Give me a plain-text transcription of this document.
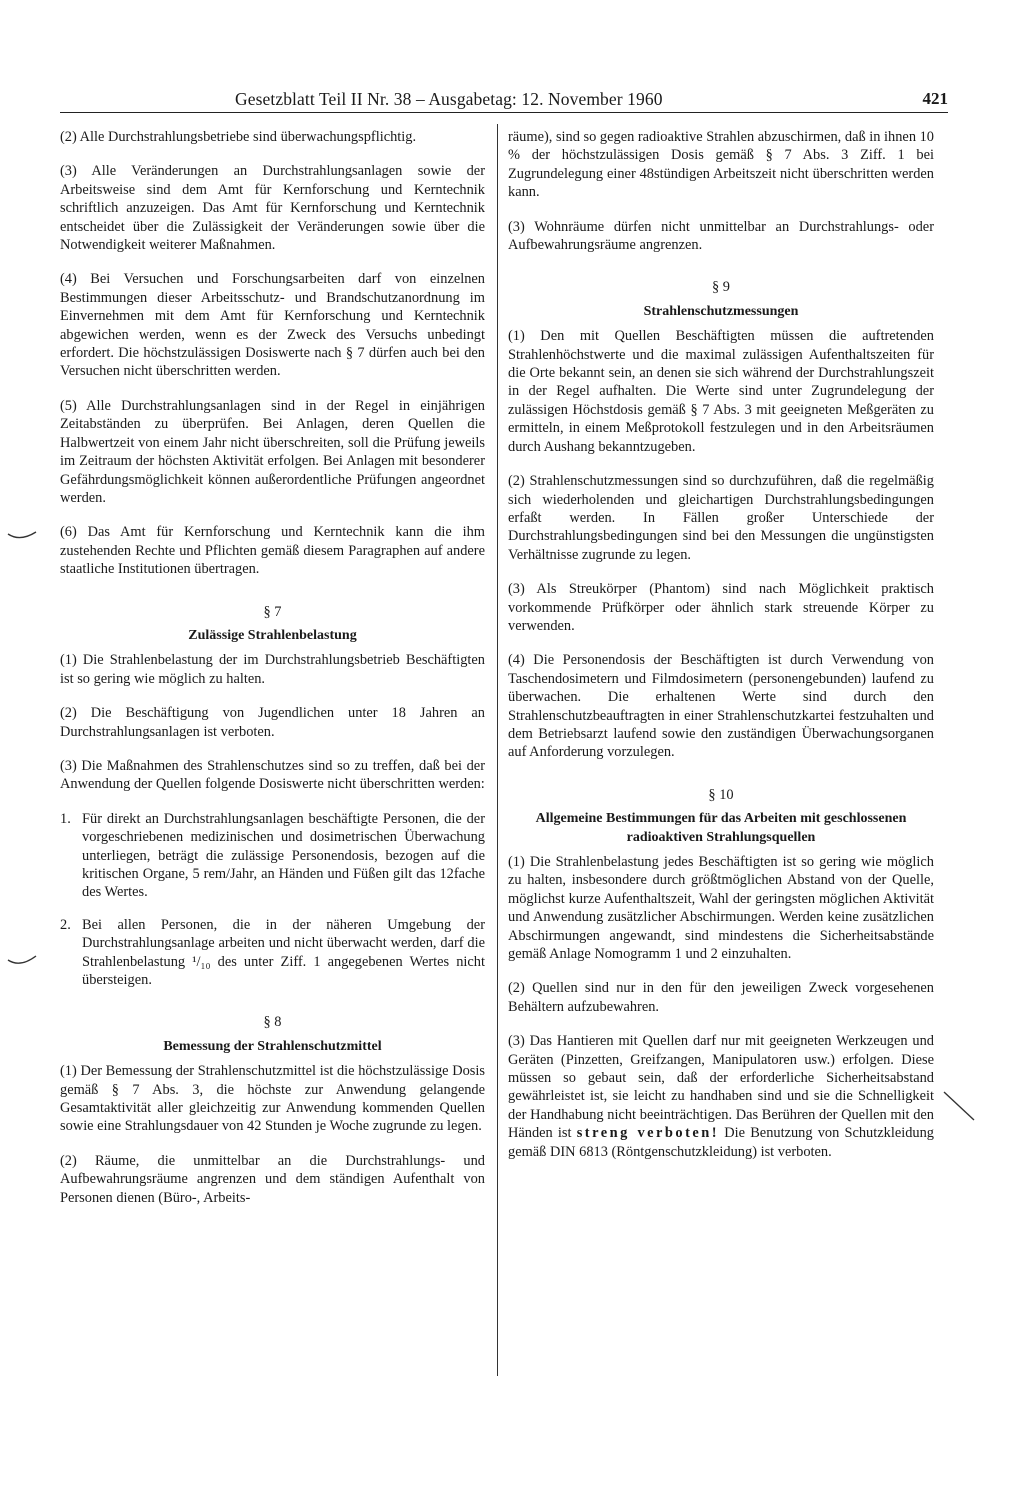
Gesetzblatt Teil II Nr. 38 – Ausgabetag: 12. November 1960	421

(2) Alle Durchstrahlungsbetriebe sind überwachungspflichtig.

(3) Alle Veränderungen an Durchstrahlungsanlagen sowie der Arbeitsweise sind dem Amt für Kernforschung und Kerntechnik schriftlich anzuzeigen. Das Amt für Kernforschung und Kerntechnik entscheidet über die Zulässigkeit der Veränderungen sowie über die Notwendigkeit weiterer Maßnahmen.

(4) Bei Versuchen und Forschungsarbeiten darf von einzelnen Bestimmungen dieser Arbeitsschutz- und Brandschutzanordnung im Einvernehmen mit dem Amt für Kernforschung und Kerntechnik abgewichen werden, wenn es der Zweck des Versuchs unbedingt erfordert. Die höchstzulässigen Dosiswerte nach § 7 dürfen auch bei den Versuchen nicht überschritten werden.

(5) Alle Durchstrahlungsanlagen sind in der Regel in einjährigen Zeitabständen zu überprüfen. Bei Anlagen, deren Quellen die Halbwertzeit von einem Jahr nicht überschreiten, soll die Prüfung jeweils im Zeitraum der höchsten Aktivität erfolgen. Bei Anlagen mit besonderer Gefährdungsmöglichkeit können außerordentliche Prüfungen angeordnet werden.

(6) Das Amt für Kernforschung und Kerntechnik kann die ihm zustehenden Rechte und Pflichten gemäß diesem Paragraphen auf andere staatliche Institutionen übertragen.

§ 7
Zulässige Strahlenbelastung

(1) Die Strahlenbelastung der im Durchstrahlungsbetrieb Beschäftigten ist so gering wie möglich zu halten.

(2) Die Beschäftigung von Jugendlichen unter 18 Jahren an Durchstrahlungsanlagen ist verboten.

(3) Die Maßnahmen des Strahlenschutzes sind so zu treffen, daß bei der Anwendung der Quellen folgende Dosiswerte nicht überschritten werden:

1. Für direkt an Durchstrahlungsanlagen beschäftigte Personen, die der vorgeschriebenen medizinischen und dosimetrischen Überwachung unterliegen, beträgt die zulässige Personendosis, bezogen auf die kritischen Organe, 5 rem/Jahr, an Händen und Füßen gilt das 12fache des Wertes.
2. Bei allen Personen, die in der näheren Umgebung der Durchstrahlungsanlage arbeiten und nicht überwacht werden, darf die Strahlenbelastung ¹/₁₀ des unter Ziff. 1 angegebenen Wertes nicht übersteigen.
§ 8
Bemessung der Strahlenschutzmittel

(1) Der Bemessung der Strahlenschutzmittel ist die höchstzulässige Dosis gemäß § 7 Abs. 3, die höchste zur Anwendung gelangende Gesamtaktivität aller gleichzeitig zur Anwendung kommenden Quellen sowie eine Strahlungsdauer von 42 Stunden je Woche zugrunde zu legen.

(2) Räume, die unmittelbar an die Durchstrahlungs- und Aufbewahrungsräume angrenzen und dem ständigen Aufenthalt von Personen dienen (Büro-, Arbeits-

räume), sind so gegen radioaktive Strahlen abzuschirmen, daß in ihnen 10 % der höchstzulässigen Dosis gemäß § 7 Abs. 3 Ziff. 1 bei Zugrundelegung einer 48stündigen Arbeitszeit nicht überschritten werden kann.

(3) Wohnräume dürfen nicht unmittelbar an Durchstrahlungs- oder Aufbewahrungsräume angrenzen.

§ 9
Strahlenschutzmessungen

(1) Den mit Quellen Beschäftigten müssen die auftretenden Strahlenhöchstwerte und die maximal zulässigen Aufenthaltszeiten für die Orte bekannt sein, an denen sie sich während der Durchstrahlungszeit in der Regel aufhalten. Die Werte sind unter Zugrundelegung der zulässigen Höchstdosis gemäß § 7 Abs. 3 mit geeigneten Meßgeräten zu ermitteln, in einem Meßprotokoll festzulegen und in den Arbeitsräumen durch Aushang bekanntzugeben.

(2) Strahlenschutzmessungen sind so durchzuführen, daß die regelmäßig sich wiederholenden und gleichartigen Durchstrahlungsbedingungen erfaßt werden. In Fällen großer Unterschiede der Durchstrahlungsbedingungen sind bei den Messungen die ungünstigsten Verhältnisse zugrunde zu legen.

(3) Als Streukörper (Phantom) sind nach Möglichkeit praktisch vorkommende Prüfkörper oder ähnlich stark streuende Körper zu verwenden.

(4) Die Personendosis der Beschäftigten ist durch Verwendung von Taschendosimetern und Filmdosimetern (personengebunden) laufend zu überwachen. Die erhaltenen Werte sind durch den Strahlenschutzbeauftragten in einer Strahlenschutzkartei festzuhalten und dem Betriebsarzt laufend sowie den zuständigen Überwachungsorganen auf Anforderung vorzulegen.

§ 10
Allgemeine Bestimmungen für das Arbeiten mit geschlossenen radioaktiven Strahlungsquellen

(1) Die Strahlenbelastung jedes Beschäftigten ist so gering wie möglich zu halten, insbesondere durch größtmöglichen Abstand von der Quelle, möglichst kurze Aufenthaltszeit, Wahl der geringsten möglichen Aktivität und Anwendung zusätzlicher Abschirmungen. Werden keine zusätzlichen Abschirmungen angewandt, sind mindestens die Sicherheitsabstände gemäß Anlage Nomogramm 1 und 2 einzuhalten.

(2) Quellen sind nur in den für den jeweiligen Zweck vorgesehenen Behältern aufzubewahren.

(3) Das Hantieren mit Quellen darf nur mit geeigneten Werkzeugen und Geräten (Pinzetten, Greifzangen, Manipulatoren usw.) erfolgen. Diese müssen so gebaut sein, daß der erforderliche Sicherheitsabstand gewährleistet ist, sie leicht zu handhaben sind und sie die Schnelligkeit der Handhabung nicht beeinträchtigen. Das Berühren der Quellen mit den Händen ist streng verboten! Die Benutzung von Schutzkleidung gemäß DIN 6813 (Röntgenschutzkleidung) ist verboten.
